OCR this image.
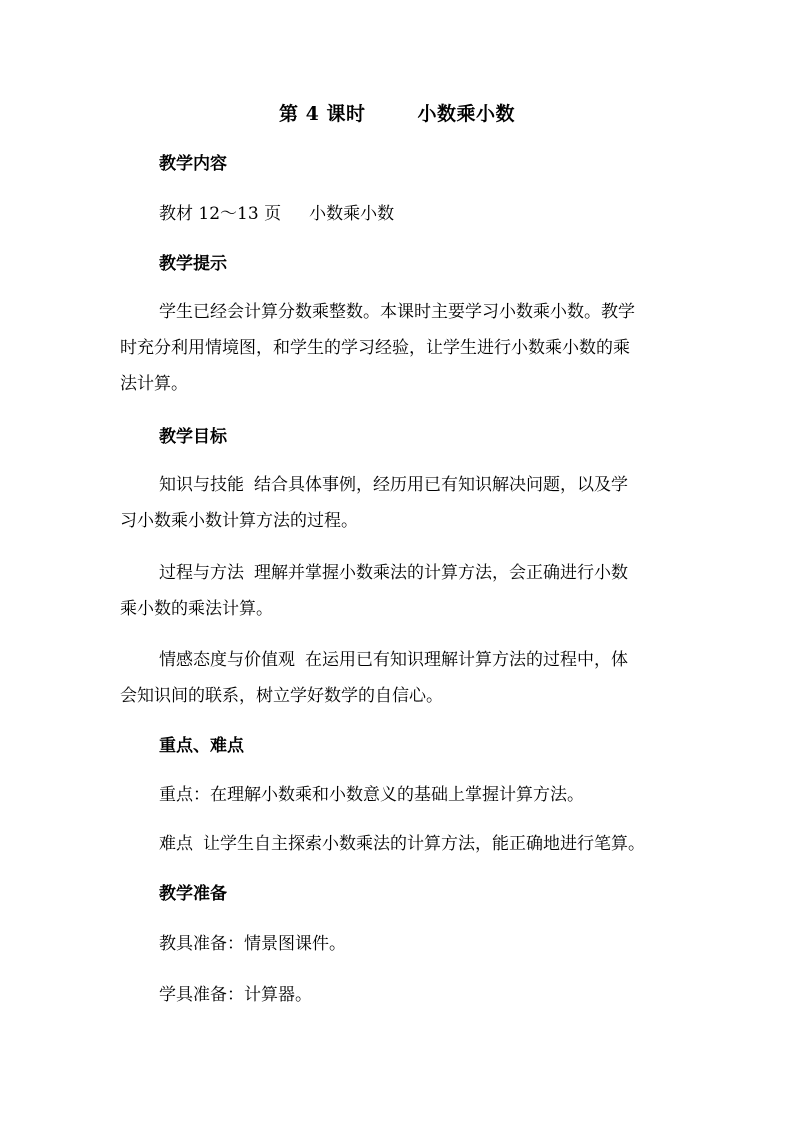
第 4 课时	小数乘小数
教学内容
教材 12～13 页 小数乘小数
教学提示
学生已经会计算分数乘整数。本课时主要学习小数乘小数。教学
时充分利用情境图，和学生的学习经验，让学生进行小数乘小数的乘
法计算。
教学目标
知识与技能 结合具体事例，经历用已有知识解决问题，以及学
习小数乘小数计算方法的过程。
过程与方法 理解并掌握小数乘法的计算方法，会正确进行小数
乘小数的乘法计算。
情感态度与价值观 在运用已有知识理解计算方法的过程中，体
会知识间的联系，树立学好数学的自信心。
重点、难点
重点：在理解小数乘和小数意义的基础上掌握计算方法。
难点 让学生自主探索小数乘法的计算方法，能正确地进行笔算。
教学准备
教具准备：情景图课件。
学具准备：计算器。
